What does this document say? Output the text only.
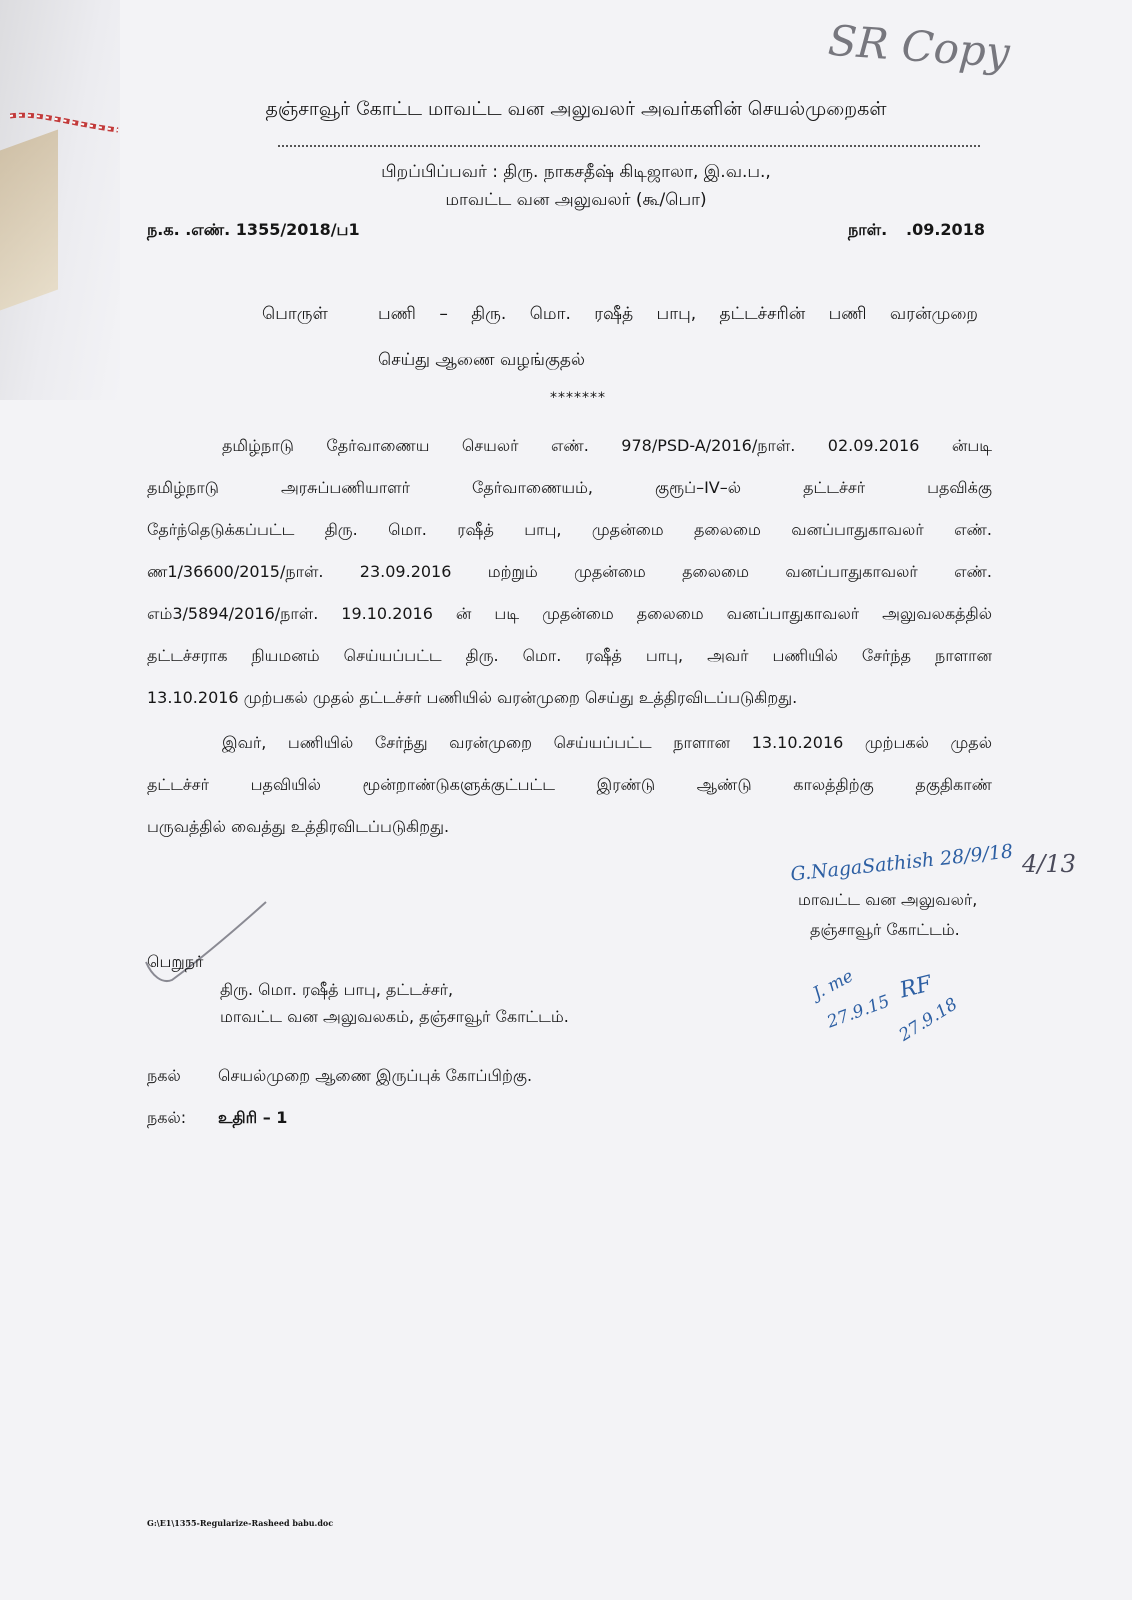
SR Copy
தஞ்சாவூர் கோட்ட மாவட்ட வன அலுவலர் அவர்களின் செயல்முறைகள்
பிறப்பிப்பவர் : திரு. நாகசதீஷ் கிடிஜாலா, இ.வ.ப.,
மாவட்ட வன அலுவலர் (கூ/பொ)
ந.க. .எண். 1355/2018/ப1	நாள். .09.2018
பொருள்	பணி – திரு. மொ. ரஷீத் பாபு, தட்டச்சரின் பணி வரன்முறை
செய்து ஆணை வழங்குதல்
*******
தமிழ்நாடு தேர்வாணைய செயலர் எண். 978/PSD-A/2016/நாள். 02.09.2016 ன்படி
தமிழ்நாடு அரசுப்பணியாளர் தேர்வாணையம், குரூப்–IV–ல் தட்டச்சர் பதவிக்கு
தேர்ந்தெடுக்கப்பட்ட திரு. மொ. ரஷீத் பாபு, முதன்மை தலைமை வனப்பாதுகாவலர் எண்.
ண1/36600/2015/நாள். 23.09.2016 மற்றும் முதன்மை தலைமை வனப்பாதுகாவலர் எண்.
எம்3/5894/2016/நாள். 19.10.2016 ன் படி முதன்மை தலைமை வனப்பாதுகாவலர் அலுவலகத்தில்
தட்டச்சராக நியமனம் செய்யப்பட்ட திரு. மொ. ரஷீத் பாபு, அவர் பணியில் சேர்ந்த நாளான
13.10.2016 முற்பகல் முதல் தட்டச்சர் பணியில் வரன்முறை செய்து உத்திரவிடப்படுகிறது.
இவர், பணியில் சேர்ந்து வரன்முறை செய்யப்பட்ட நாளான 13.10.2016 முற்பகல் முதல்
தட்டச்சர் பதவியில் மூன்றாண்டுகளுக்குட்பட்ட இரண்டு ஆண்டு காலத்திற்கு தகுதிகாண்
பருவத்தில் வைத்து உத்திரவிடப்படுகிறது.
G.NagaSathish 28/9/18 4/13
மாவட்ட வன அலுவலர்,
தஞ்சாவூர் கோட்டம்.
பெறுநர்
திரு. மொ. ரஷீத் பாபு, தட்டச்சர்,
மாவட்ட வன அலுவலகம், தஞ்சாவூர் கோட்டம்.
J. me
27.9.15
RF
27.9.18
நகல் செயல்முறை ஆணை இருப்புக் கோப்பிற்கு.
நகல்: உதிரி – 1
G:\E1\1355-Regularize-Rasheed babu.doc
